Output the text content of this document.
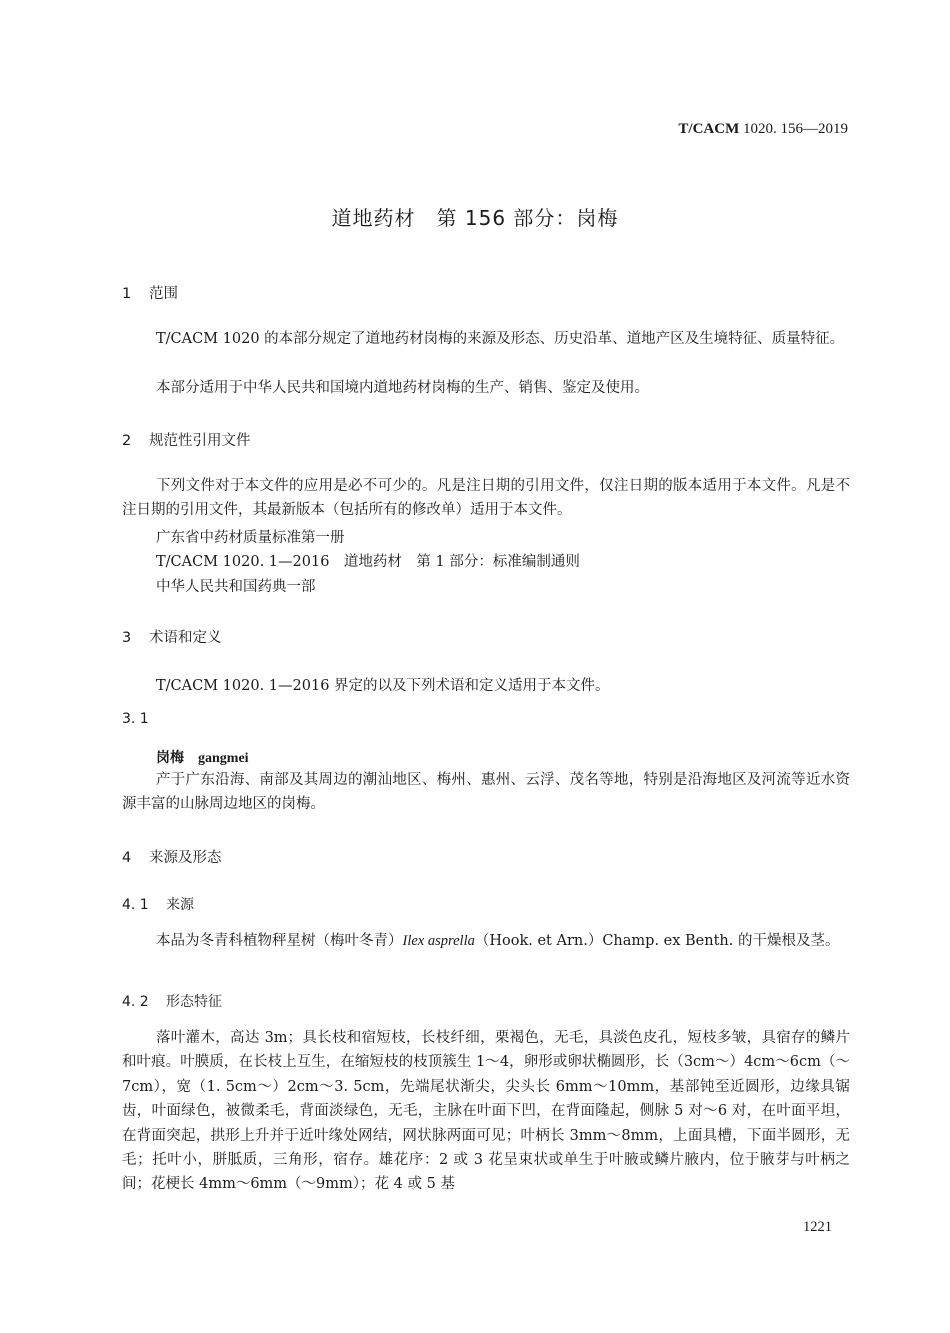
T/CACM 1020. 156—2019
道地药材　第 156 部分：岗梅
1 范围
T/CACM 1020 的本部分规定了道地药材岗梅的来源及形态、历史沿革、道地产区及生境特征、质量特征。
本部分适用于中华人民共和国境内道地药材岗梅的生产、销售、鉴定及使用。
2 规范性引用文件
下列文件对于本文件的应用是必不可少的。凡是注日期的引用文件，仅注日期的版本适用于本文件。凡是不注日期的引用文件，其最新版本（包括所有的修改单）适用于本文件。
广东省中药材质量标准第一册
T/CACM 1020. 1—2016　道地药材　第 1 部分：标准编制通则
中华人民共和国药典一部
3 术语和定义
T/CACM 1020. 1—2016 界定的以及下列术语和定义适用于本文件。
3. 1
岗梅 gangmei
产于广东沿海、南部及其周边的潮汕地区、梅州、惠州、云浮、茂名等地，特别是沿海地区及河流等近水资源丰富的山脉周边地区的岗梅。
4 来源及形态
4. 1 来源
本品为冬青科植物秤星树（梅叶冬青）Ilex asprella（Hook. et Arn.）Champ. ex Benth. 的干燥根及茎。
4. 2 形态特征
落叶灌木，高达 3m；具长枝和宿短枝，长枝纤细，栗褐色，无毛，具淡色皮孔，短枝多皱，具宿存的鳞片和叶痕。叶膜质，在长枝上互生，在缩短枝的枝顶簇生 1～4，卵形或卵状椭圆形，长（3cm～）4cm～6cm（～7cm），宽（1. 5cm～）2cm～3. 5cm，先端尾状渐尖，尖头长 6mm～10mm，基部钝至近圆形，边缘具锯齿，叶面绿色，被微柔毛，背面淡绿色，无毛，主脉在叶面下凹，在背面隆起，侧脉 5 对～6 对，在叶面平坦，在背面突起，拱形上升并于近叶缘处网结，网状脉两面可见；叶柄长 3mm～8mm，上面具槽，下面半圆形，无毛；托叶小，胼胝质，三角形，宿存。雄花序：2 或 3 花呈束状或单生于叶腋或鳞片腋内，位于腋芽与叶柄之间；花梗长 4mm～6mm（～9mm）；花 4 或 5 基
1221
